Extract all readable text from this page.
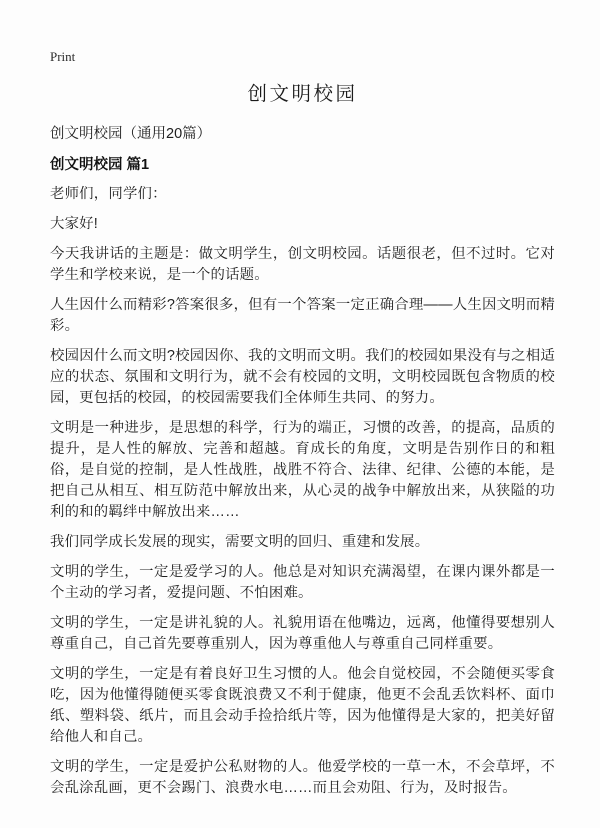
Print
创文明校园
创文明校园（通用20篇）
创文明校园 篇1

老师们，同学们：

大家好!

今天我讲话的主题是：做文明学生，创文明校园。话题很老，但不过时。它对学生和学校来说，是一个的话题。

人生因什么而精彩?答案很多，但有一个答案一定正确合理——人生因文明而精彩。

校园因什么而文明?校园因你、我的文明而文明。我们的校园如果没有与之相适应的状态、氛围和文明行为，就不会有校园的文明，文明校园既包含物质的校园，更包括的校园，的校园需要我们全体师生共同、的努力。

文明是一种进步，是思想的科学，行为的端正，习惯的改善，的提高，品质的提升，是人性的解放、完善和超越。育成长的角度，文明是告别作日的和粗俗，是自觉的控制，是人性战胜，战胜不符合、法律、纪律、公德的本能，是把自己从相互、相互防范中解放出来，从心灵的战争中解放出来，从狭隘的功利的和的羁绊中解放出来……

我们同学成长发展的现实，需要文明的回归、重建和发展。

文明的学生，一定是爱学习的人。他总是对知识充满渴望，在课内课外都是一个主动的学习者，爱提问题、不怕困难。

文明的学生，一定是讲礼貌的人。礼貌用语在他嘴边，远离，他懂得要想别人尊重自己，自己首先要尊重别人，因为尊重他人与尊重自己同样重要。

文明的学生，一定是有着良好卫生习惯的人。他会自觉校园，不会随便买零食吃，因为他懂得随便买零食既浪费又不利于健康，他更不会乱丢饮料杯、面巾纸、塑料袋、纸片，而且会动手捡拾纸片等，因为他懂得是大家的，把美好留给他人和自己。

文明的学生，一定是爱护公私财物的人。他爱学校的一草一木，不会草坪，不会乱涂乱画，更不会踢门、浪费水电……而且会劝阻、行为，及时报告。
